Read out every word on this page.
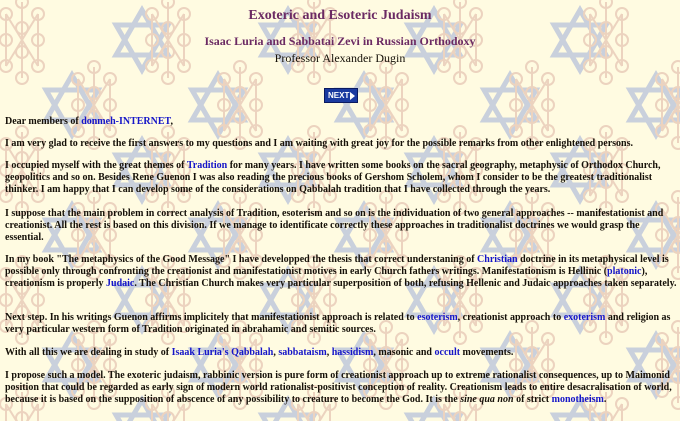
Exoteric and Esoteric Judaism
Isaac Luria and Sabbatai Zevi in Russian Orthodoxy
Professor Alexander Dugin
NEXT
Dear members of donmeh-INTERNET,
I am very glad to receive the first answers to my questions and I am waiting with great joy for the possible remarks from other enlightened persons.
I occupied myself with the great themes of Tradition for many years. I have written some books on the sacral geography, metaphysic of Orthodox Church, geopolitics and so on. Besides Rene Guenon I was also reading the precious books of Gershom Scholem, whom I consider to be the greatest traditionalist thinker. I am happy that I can develop some of the considerations on Qabbalah tradition that I have collected through the years.
I suppose that the main problem in correct analysis of Tradition, esoterism and so on is the individuation of two general approaches -- manifestationist and creationist. All the rest is based on this division. If we manage to identificate correctly these approaches in traditionalist doctrines we would grasp the essential.
In my book "The metaphysics of the Good Message" I have developped the thesis that correct understaning of Christian doctrine in its metaphysical level is possible only through confronting the creationist and manifestationist motives in early Church fathers writings. Manifestationism is Hellinic (platonic), creationism is properly Judaic. The Christian Church makes very particular superposition of both, refusing Hellenic and Judaic approaches taken separately.
Next step. In his writings Guenon affirms implicitely that manifestationist approach is related to esoterism, creationist approach to exoterism and religion as very particular western form of Tradition originated in abrahamic and semitic sources.
With all this we are dealing in study of Isaak Luria's Qabbalah, sabbataism, hassidism, masonic and occult movements.
I propose such a model. The exoteric judaism, rabbinic version is pure form of creationist approach up to extreme rationalist consequences, up to Maimonid position that could be regarded as early sign of modern world rationalist-positivist conception of reality. Creationism leads to entire desacralisation of world, because it is based on the supposition of abscence of any possibility to creature to become the God. It is the sine qua non of strict monotheism.
